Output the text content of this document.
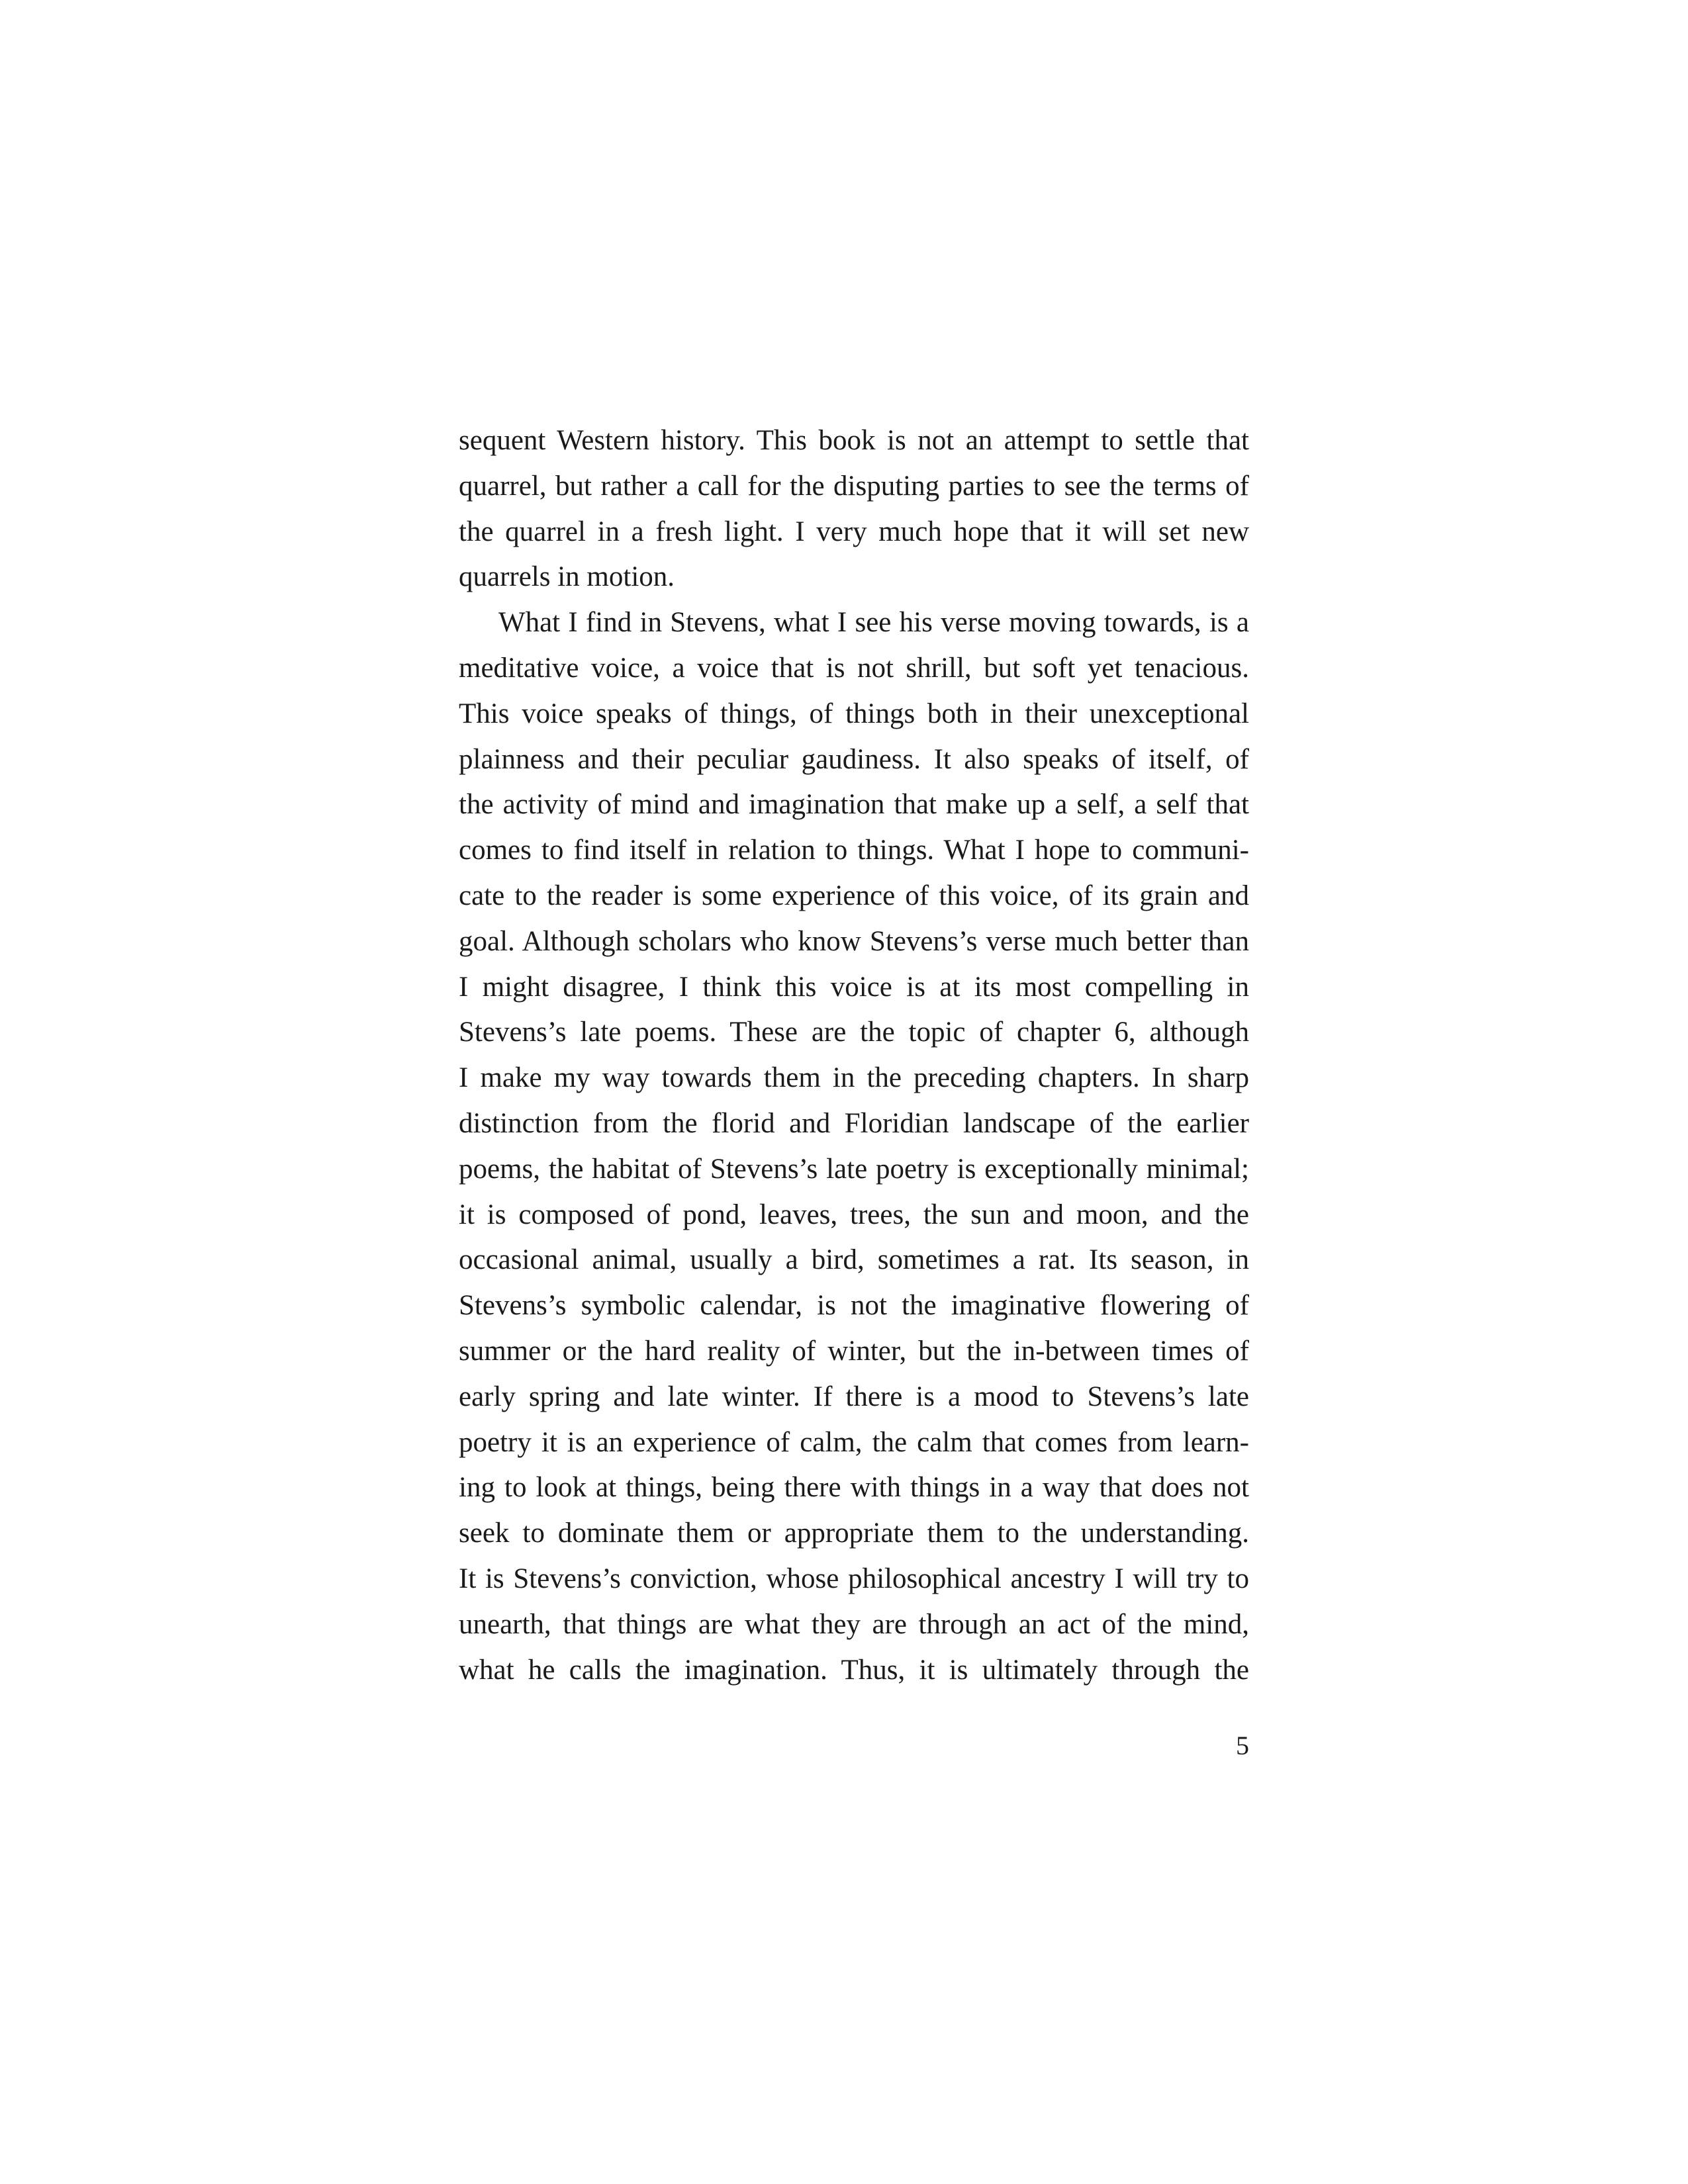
sequent Western history. This book is not an attempt to settle that
quarrel, but rather a call for the disputing parties to see the terms of
the quarrel in a fresh light. I very much hope that it will set new
quarrels in motion.
What I find in Stevens, what I see his verse moving towards, is a
meditative voice, a voice that is not shrill, but soft yet tenacious.
This voice speaks of things, of things both in their unexceptional
plainness and their peculiar gaudiness. It also speaks of itself, of
the activity of mind and imagination that make up a self, a self that
comes to find itself in relation to things. What I hope to communi-
cate to the reader is some experience of this voice, of its grain and
goal. Although scholars who know Stevens’s verse much better than
I might disagree, I think this voice is at its most compelling in
Stevens’s late poems. These are the topic of chapter 6, although
I make my way towards them in the preceding chapters. In sharp
distinction from the florid and Floridian landscape of the earlier
poems, the habitat of Stevens’s late poetry is exceptionally minimal;
it is composed of pond, leaves, trees, the sun and moon, and the
occasional animal, usually a bird, sometimes a rat. Its season, in
Stevens’s symbolic calendar, is not the imaginative flowering of
summer or the hard reality of winter, but the in-between times of
early spring and late winter. If there is a mood to Stevens’s late
poetry it is an experience of calm, the calm that comes from learn-
ing to look at things, being there with things in a way that does not
seek to dominate them or appropriate them to the understanding.
It is Stevens’s conviction, whose philosophical ancestry I will try to
unearth, that things are what they are through an act of the mind,
what he calls the imagination. Thus, it is ultimately through the
5
